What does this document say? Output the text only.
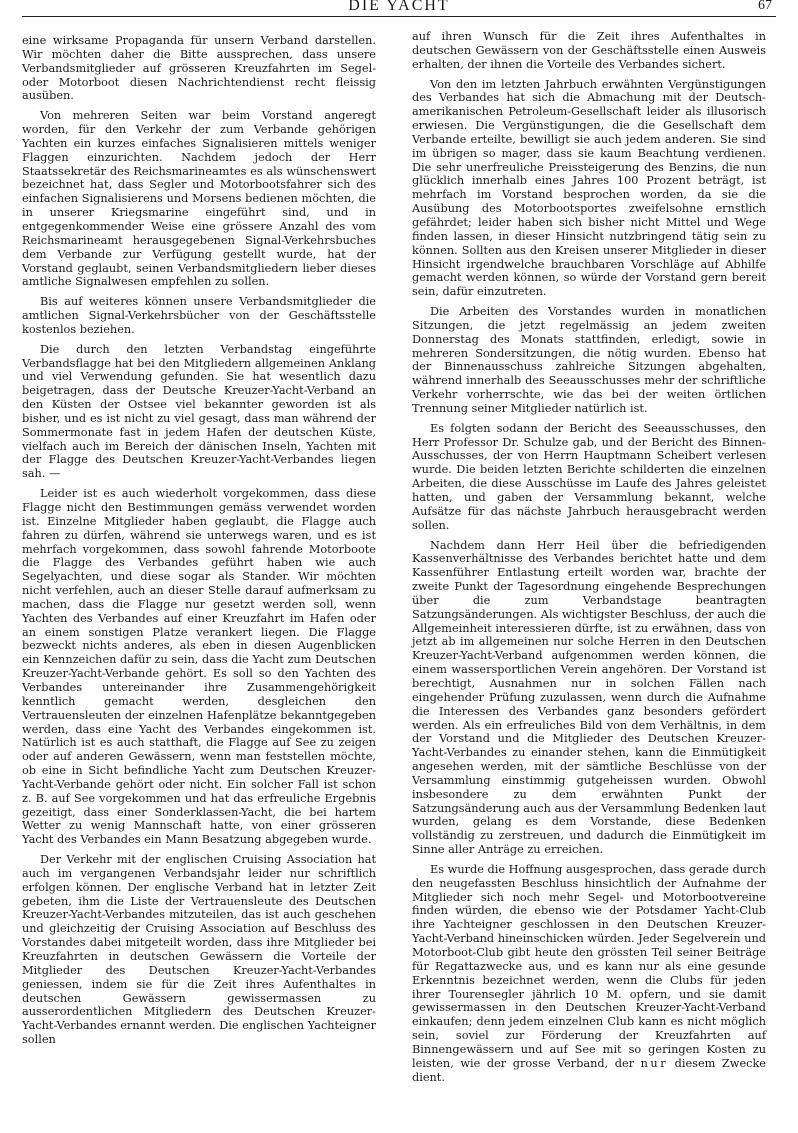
DIE YACHT	67

eine wirksame Propaganda für unsern Verband darstellen. Wir möchten daher die Bitte aussprechen, dass unsere Verbandsmitglieder auf grösseren Kreuzfahrten im Segel- oder Motorboot diesen Nachrichtendienst recht fleissig ausüben.

Von mehreren Seiten war beim Vorstand angeregt worden, für den Verkehr der zum Verbande gehörigen Yachten ein kurzes einfaches Signalisieren mittels weniger Flaggen einzurichten. Nachdem jedoch der Herr Staatssekretär des Reichsmarineamtes es als wünschenswert bezeichnet hat, dass Segler und Motorbootsfahrer sich des einfachen Signalisierens und Morsens bedienen möchten, die in unserer Kriegsmarine eingeführt sind, und in entgegenkommender Weise eine grössere Anzahl des vom Reichsmarineamt herausgegebenen Signal-Verkehrsbuches dem Verbande zur Verfügung gestellt wurde, hat der Vorstand geglaubt, seinen Verbandsmitgliedern lieber dieses amtliche Signalwesen empfehlen zu sollen.

Bis auf weiteres können unsere Verbandsmitglieder die amtlichen Signal-Verkehrsbücher von der Geschäftsstelle kostenlos beziehen.

Die durch den letzten Verbandstag eingeführte Verbandsflagge hat bei den Mitgliedern allgemeinen Anklang und viel Verwendung gefunden. Sie hat wesentlich dazu beigetragen, dass der Deutsche Kreuzer-Yacht-Verband an den Küsten der Ostsee viel bekannter geworden ist als bisher, und es ist nicht zu viel gesagt, dass man während der Sommermonate fast in jedem Hafen der deutschen Küste, vielfach auch im Bereich der dänischen Inseln, Yachten mit der Flagge des Deutschen Kreuzer-Yacht-Verbandes liegen sah. —

Leider ist es auch wiederholt vorgekommen, dass diese Flagge nicht den Bestimmungen gemäss verwendet worden ist. Einzelne Mitglieder haben geglaubt, die Flagge auch fahren zu dürfen, während sie unterwegs waren, und es ist mehrfach vorgekommen, dass sowohl fahrende Motorboote die Flagge des Verbandes geführt haben wie auch Segelyachten, und diese sogar als Stander. Wir möchten nicht verfehlen, auch an dieser Stelle darauf aufmerksam zu machen, dass die Flagge nur gesetzt werden soll, wenn Yachten des Verbandes auf einer Kreuzfahrt im Hafen oder an einem sonstigen Platze verankert liegen. Die Flagge bezweckt nichts anderes, als eben in diesen Augenblicken ein Kennzeichen dafür zu sein, dass die Yacht zum Deutschen Kreuzer-Yacht-Verbande gehört. Es soll so den Yachten des Verbandes untereinander ihre Zusammengehörigkeit kenntlich gemacht werden, desgleichen den Vertrauensleuten der einzelnen Hafenplätze bekanntgegeben werden, dass eine Yacht des Verbandes eingekommen ist. Natürlich ist es auch statthaft, die Flagge auf See zu zeigen oder auf anderen Gewässern, wenn man feststellen möchte, ob eine in Sicht befindliche Yacht zum Deutschen Kreuzer-Yacht-Verbande gehört oder nicht. Ein solcher Fall ist schon z. B. auf See vorgekommen und hat das erfreuliche Ergebnis gezeitigt, dass einer Sonderklassen-Yacht, die bei hartem Wetter zu wenig Mannschaft hatte, von einer grösseren Yacht des Verbandes ein Mann Besatzung abgegeben wurde.

Der Verkehr mit der englischen Cruising Association hat auch im vergangenen Verbandsjahr leider nur schriftlich erfolgen können. Der englische Verband hat in letzter Zeit gebeten, ihm die Liste der Vertrauensleute des Deutschen Kreuzer-Yacht-Verbandes mitzuteilen, das ist auch geschehen und gleichzeitig der Cruising Association auf Beschluss des Vorstandes dabei mitgeteilt worden, dass ihre Mitglieder bei Kreuzfahrten in deutschen Gewässern die Vorteile der Mitglieder des Deutschen Kreuzer-Yacht-Verbandes geniessen, indem sie für die Zeit ihres Aufenthaltes in deutschen Gewässern gewissermassen zu ausserordentlichen Mitgliedern des Deutschen Kreuzer-Yacht-Verbandes ernannt werden. Die englischen Yachteigner sollen

auf ihren Wunsch für die Zeit ihres Aufenthaltes in deutschen Gewässern von der Geschäftsstelle einen Ausweis erhalten, der ihnen die Vorteile des Verbandes sichert.

Von den im letzten Jahrbuch erwähnten Vergünstigungen des Verbandes hat sich die Abmachung mit der Deutsch-amerikanischen Petroleum-Gesellschaft leider als illusorisch erwiesen. Die Vergünstigungen, die die Gesellschaft dem Verbande erteilte, bewilligt sie auch jedem anderen. Sie sind im übrigen so mager, dass sie kaum Beachtung verdienen. Die sehr unerfreuliche Preissteigerung des Benzins, die nun glücklich innerhalb eines Jahres 100 Prozent beträgt, ist mehrfach im Vorstand besprochen worden, da sie die Ausübung des Motorbootsportes zweifelsohne ernstlich gefährdet; leider haben sich bisher nicht Mittel und Wege finden lassen, in dieser Hinsicht nutzbringend tätig sein zu können. Sollten aus den Kreisen unserer Mitglieder in dieser Hinsicht irgendwelche brauchbaren Vorschläge auf Abhilfe gemacht werden können, so würde der Vorstand gern bereit sein, dafür einzutreten.

Die Arbeiten des Vorstandes wurden in monatlichen Sitzungen, die jetzt regelmässig an jedem zweiten Donnerstag des Monats stattfinden, erledigt, sowie in mehreren Sondersitzungen, die nötig wurden. Ebenso hat der Binnenausschuss zahlreiche Sitzungen abgehalten, während innerhalb des Seeausschusses mehr der schriftliche Verkehr vorherrschte, wie das bei der weiten örtlichen Trennung seiner Mitglieder natürlich ist.

Es folgten sodann der Bericht des Seeausschusses, den Herr Professor Dr. Schulze gab, und der Bericht des Binnen-Ausschusses, der von Herrn Hauptmann Scheibert verlesen wurde. Die beiden letzten Berichte schilderten die einzelnen Arbeiten, die diese Ausschüsse im Laufe des Jahres geleistet hatten, und gaben der Versammlung bekannt, welche Aufsätze für das nächste Jahrbuch herausgebracht werden sollen.

Nachdem dann Herr Heil über die befriedigenden Kassenverhältnisse des Verbandes berichtet hatte und dem Kassenführer Entlastung erteilt worden war, brachte der zweite Punkt der Tagesordnung eingehende Besprechungen über die zum Verbandstage beantragten Satzungsänderungen. Als wichtigster Beschluss, der auch die Allgemeinheit interessieren dürfte, ist zu erwähnen, dass von jetzt ab im allgemeinen nur solche Herren in den Deutschen Kreuzer-Yacht-Verband aufgenommen werden können, die einem wassersportlichen Verein angehören. Der Vorstand ist berechtigt, Ausnahmen nur in solchen Fällen nach eingehender Prüfung zuzulassen, wenn durch die Aufnahme die Interessen des Verbandes ganz besonders gefördert werden. Als ein erfreuliches Bild von dem Verhältnis, in dem der Vorstand und die Mitglieder des Deutschen Kreuzer-Yacht-Verbandes zu einander stehen, kann die Einmütigkeit angesehen werden, mit der sämtliche Beschlüsse von der Versammlung einstimmig gutgeheissen wurden. Obwohl insbesondere zu dem erwähnten Punkt der Satzungsänderung auch aus der Versammlung Bedenken laut wurden, gelang es dem Vorstande, diese Bedenken vollständig zu zerstreuen, und dadurch die Einmütigkeit im Sinne aller Anträge zu erreichen.

Es wurde die Hoffnung ausgesprochen, dass gerade durch den neugefassten Beschluss hinsichtlich der Aufnahme der Mitglieder sich noch mehr Segel- und Motorbootvereine finden würden, die ebenso wie der Potsdamer Yacht-Club ihre Yachteigner geschlossen in den Deutschen Kreuzer-Yacht-Verband hineinschicken würden. Jeder Segelverein und Motorboot-Club gibt heute den grössten Teil seiner Beiträge für Regattazwecke aus, und es kann nur als eine gesunde Erkenntnis bezeichnet werden, wenn die Clubs für jeden ihrer Tourensegler jährlich 10 M. opfern, und sie damit gewissermassen in den Deutschen Kreuzer-Yacht-Verband einkaufen; denn jedem einzelnen Club kann es nicht möglich sein, soviel zur Förderung der Kreuzfahrten auf Binnengewässern und auf See mit so geringen Kosten zu leisten, wie der grosse Verband, der nur diesem Zwecke dient.
